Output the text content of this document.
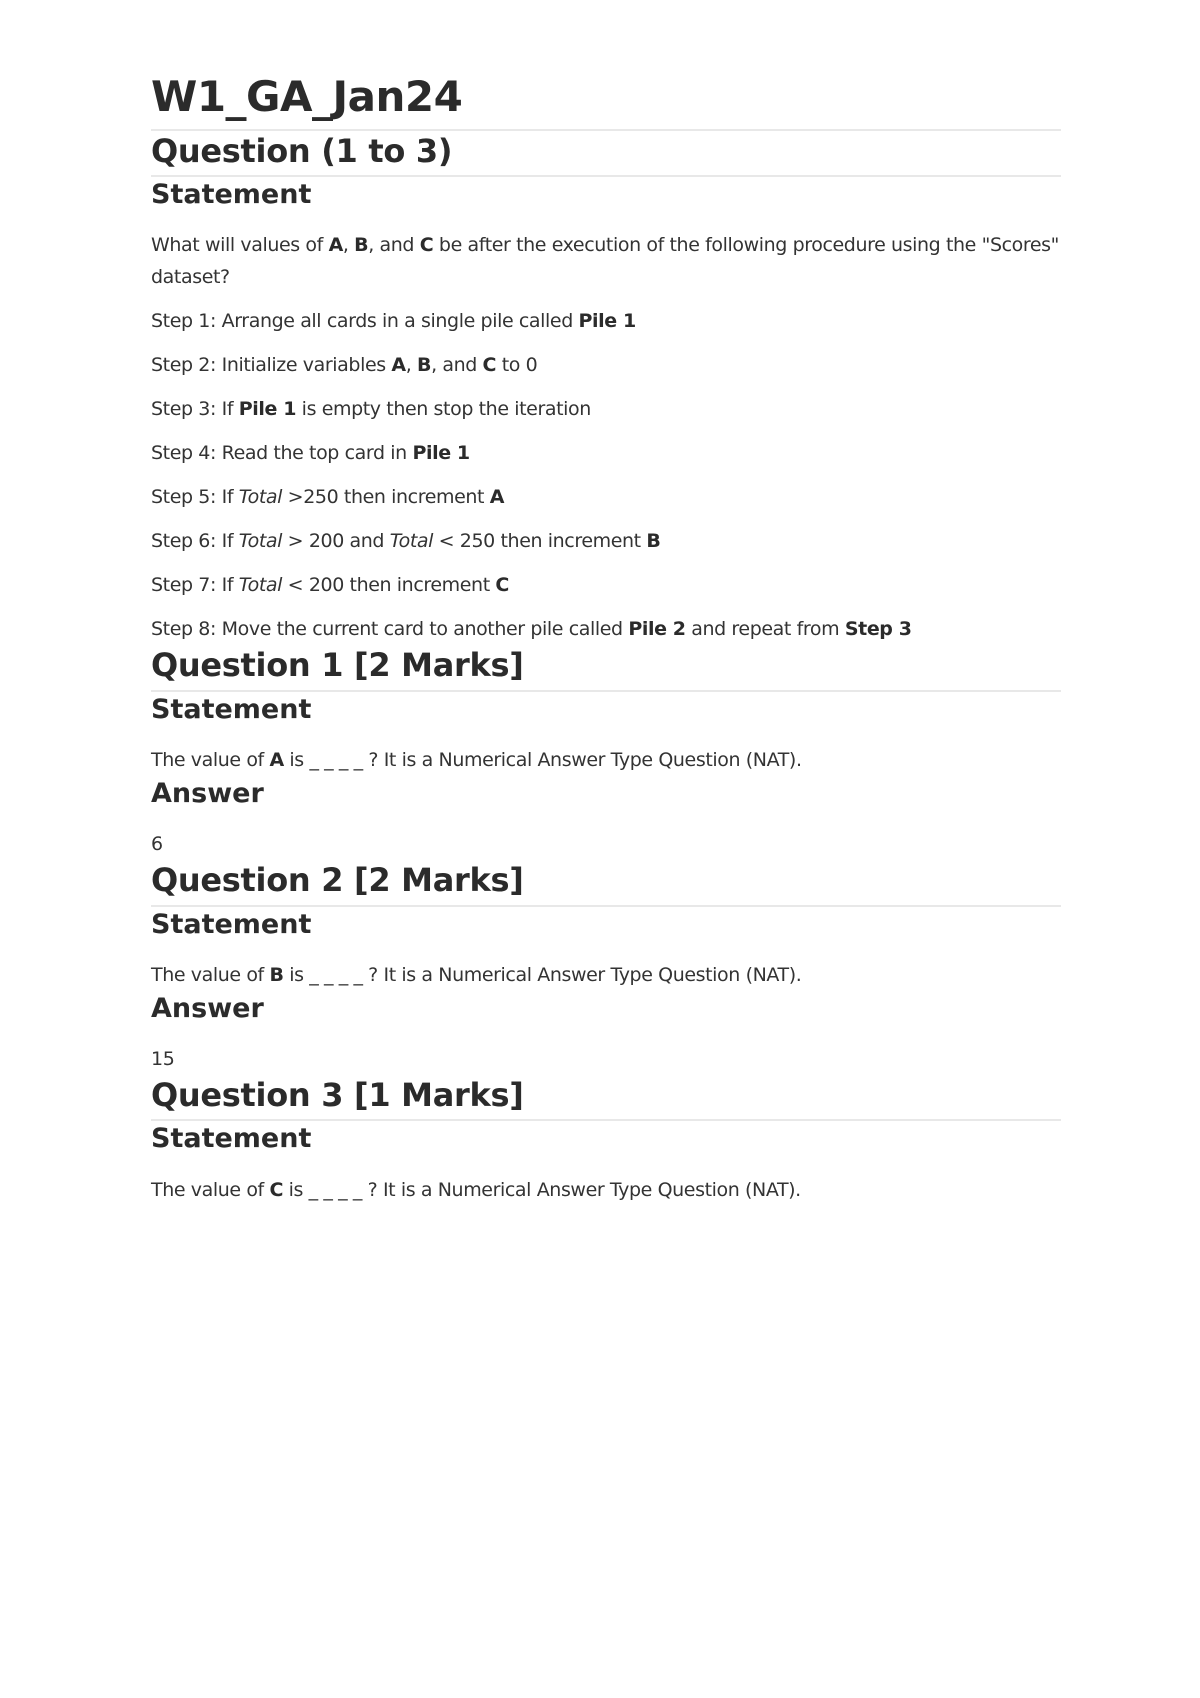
W1_GA_Jan24
Question (1 to 3)
Statement

What will values of A, B, and C be after the execution of the following procedure using the "Scores" dataset?

Step 1: Arrange all cards in a single pile called Pile 1

Step 2: Initialize variables A, B, and C to 0

Step 3: If Pile 1 is empty then stop the iteration

Step 4: Read the top card in Pile 1

Step 5: If Total >250 then increment A

Step 6: If Total > 200 and Total < 250 then increment B

Step 7: If Total < 200 then increment C

Step 8: Move the current card to another pile called Pile 2 and repeat from Step 3

Question 1 [2 Marks]
Statement

The value of A is _ _ _ _ ? It is a Numerical Answer Type Question (NAT).

Answer

6

Question 2 [2 Marks]
Statement

The value of B is _ _ _ _ ? It is a Numerical Answer Type Question (NAT).

Answer

15

Question 3 [1 Marks]
Statement

The value of C is _ _ _ _ ? It is a Numerical Answer Type Question (NAT).
